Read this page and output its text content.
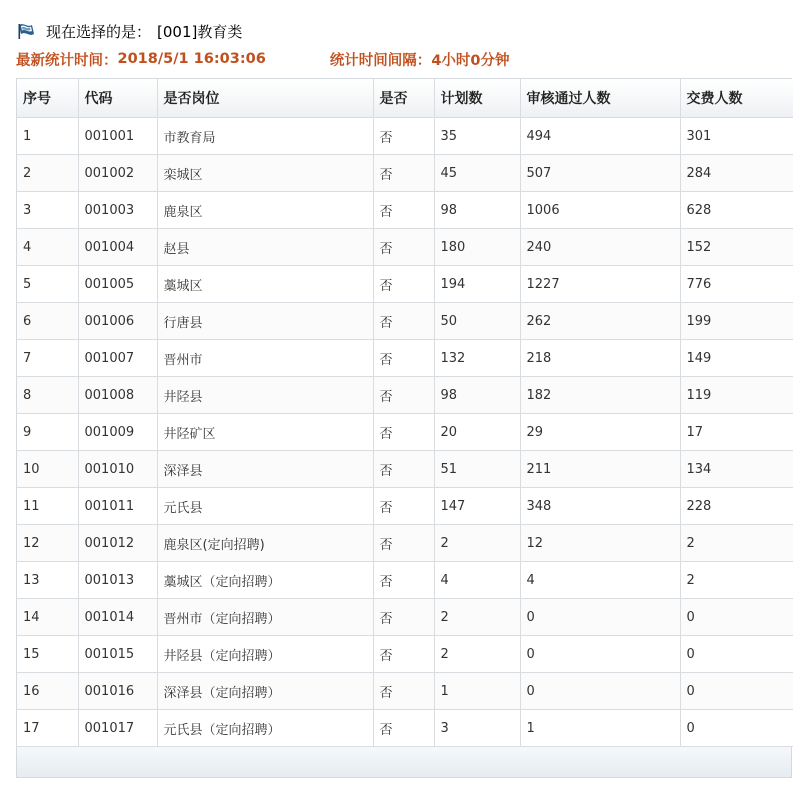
现在选择的是： [001]教育类
最新统计时间： 2018/5/1 16:03:06	统计时间间隔： 4小时0分钟
序号	代码	是否岗位	是否	计划数	审核通过人数	交费人数
1	001001	市教育局	否	35	494	301
2	001002	栾城区	否	45	507	284
3	001003	鹿泉区	否	98	1006	628
4	001004	赵县	否	180	240	152
5	001005	藁城区	否	194	1227	776
6	001006	行唐县	否	50	262	199
7	001007	晋州市	否	132	218	149
8	001008	井陉县	否	98	182	119
9	001009	井陉矿区	否	20	29	17
10	001010	深泽县	否	51	211	134
11	001011	元氏县	否	147	348	228
12	001012	鹿泉区(定向招聘)	否	2	12	2
13	001013	藁城区（定向招聘）	否	4	4	2
14	001014	晋州市（定向招聘）	否	2	0	0
15	001015	井陉县（定向招聘）	否	2	0	0
16	001016	深泽县（定向招聘）	否	1	0	0
17	001017	元氏县（定向招聘）	否	3	1	0
